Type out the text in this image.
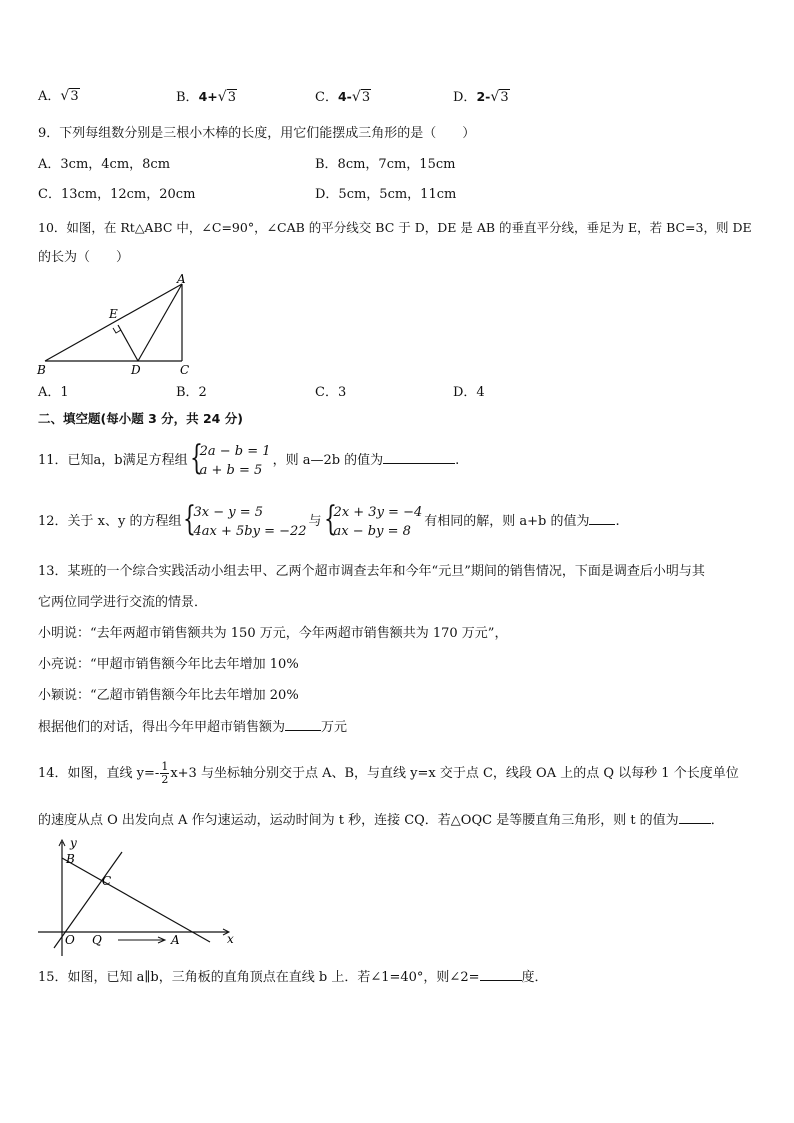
A． √ 3	B．4+ √ 3	C．4- √ 3	D．2- √ 3
9．下列每组数分别是三根小木棒的长度，用它们能摆成三角形的是（　　）
A．3cm，4cm，8cm	B．8cm，7cm，15cm
C．13cm，12cm，20cm	D．5cm，5cm，11cm
10．如图，在 Rt△ABC 中，∠C=90°，∠CAB 的平分线交 BC 于 D，DE 是 AB 的垂直平分线，垂足为 E，若 BC=3，则 DE
的长为（　　）
A
B	C
D
E
A．1	B．2	C．3	D．4
二、填空题(每小题 3 分，共 24 分)
11．已知a，b满足方程组 {
2a − b = 1
a + b = 5
，则 a—2b 的值为	.
12．关于 x、y 的方程组 {
3x − y = 5
4ax + 5by = −22
与 {
2x + 3y = −4
ax − by = 8
有相同的解，则 a+b 的值为 .
13．某班的一个综合实践活动小组去甲、乙两个超市调查去年和今年“元旦”期间的销售情况，下面是调查后小明与其
它两位同学进行交流的情景．
小明说：“去年两超市销售额共为 150 万元，今年两超市销售额共为 170 万元”，
小亮说：“甲超市销售额今年比去年增加 10%
小颖说：“乙超市销售额今年比去年增加 20%
根据他们的对话，得出今年甲超市销售额为	万元
14．如图，直线 $y=- \frac{1}{2} x+3$ 与坐标轴分别交于点 A、B，与直线 y=x 交于点 C，线段 OA 上的点 Q 以每秒 1 个长度单位
的速度从点 O 出发向点 A 作匀速运动，运动时间为 t 秒，连接 CQ．若△OQC 是等腰直角三角形，则 t 的值为 ．
y
B
C
O Q	A	x
15．如图，已知 a∥b，三角板的直角顶点在直线 b 上．若∠1=40°，则∠2=	度．
